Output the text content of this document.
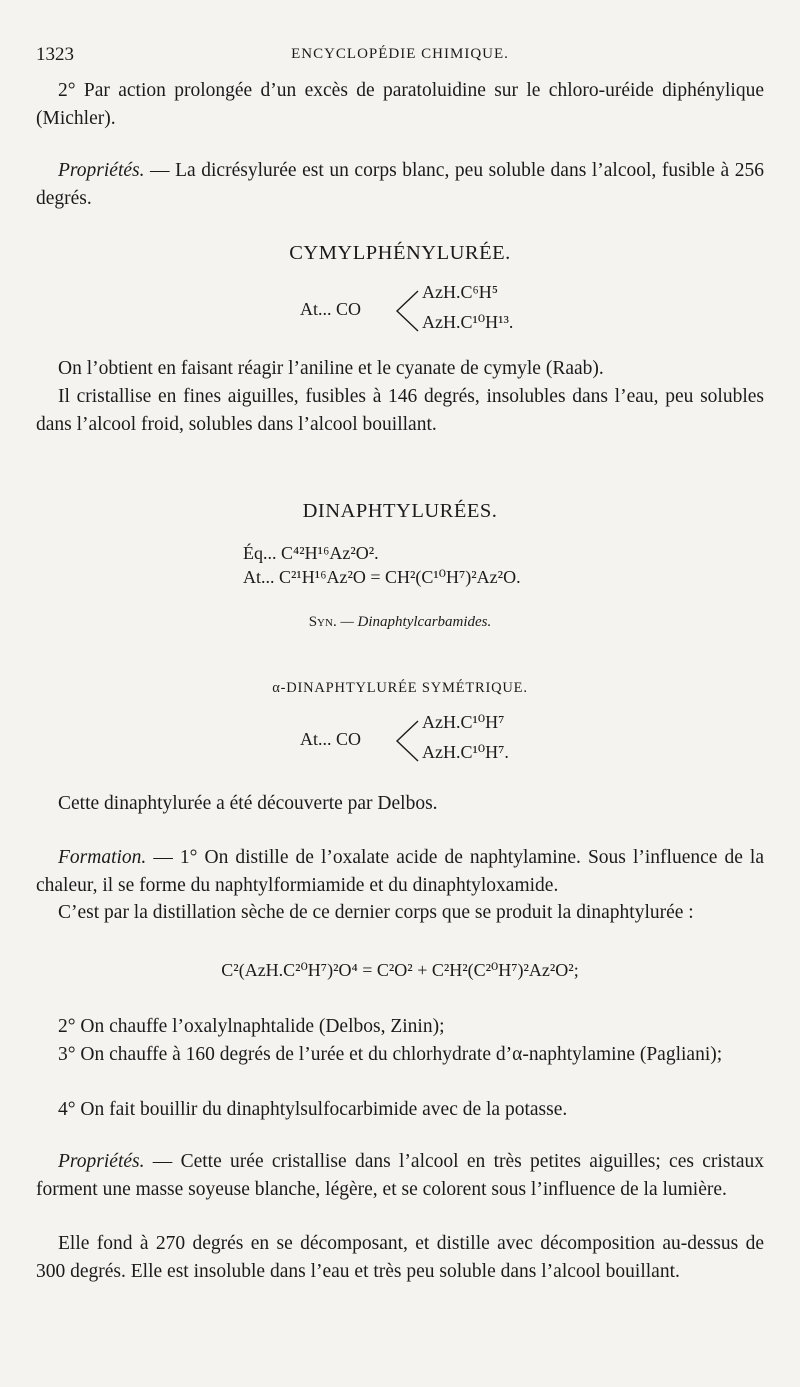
1323	ENCYCLOPÉDIE CHIMIQUE.
2° Par action prolongée d’un excès de paratoluidine sur le chloro-uréide diphénylique (Michler).
Propriétés. — La dicrésylurée est un corps blanc, peu soluble dans l’alcool, fusible à 256 degrés.
CYMYLPHÉNYLURÉE.
At... CO
AzH.C⁶H⁵
AzH.C¹⁰H¹³.
On l’obtient en faisant réagir l’aniline et le cyanate de cymyle (Raab).
Il cristallise en fines aiguilles, fusibles à 146 degrés, insolubles dans l’eau, peu solubles dans l’alcool froid, solubles dans l’alcool bouillant.
DINAPHTYLURÉES.
Éq... C⁴²H¹⁶Az²O².
At... C²¹H¹⁶Az²O = CH²(C¹⁰H⁷)²Az²O.
Syn. — Dinaphtylcarbamides.
α-DINAPHTYLURÉE SYMÉTRIQUE.
At... CO
AzH.C¹⁰H⁷
AzH.C¹⁰H⁷.
Cette dinaphtylurée a été découverte par Delbos.
Formation. — 1° On distille de l’oxalate acide de naphtylamine. Sous l’influence de la chaleur, il se forme du naphtylformiamide et du dinaphtyloxamide.
C’est par la distillation sèche de ce dernier corps que se produit la dinaphtylurée :
C²(AzH.C²⁰H⁷)²O⁴ = C²O² + C²H²(C²⁰H⁷)²Az²O²;
2° On chauffe l’oxalylnaphtalide (Delbos, Zinin);
3° On chauffe à 160 degrés de l’urée et du chlorhydrate d’α-naphtylamine (Pagliani);
4° On fait bouillir du dinaphtylsulfocarbimide avec de la potasse.
Propriétés. — Cette urée cristallise dans l’alcool en très petites aiguilles; ces cristaux forment une masse soyeuse blanche, légère, et se colorent sous l’influence de la lumière.
Elle fond à 270 degrés en se décomposant, et distille avec décomposition au-dessus de 300 degrés. Elle est insoluble dans l’eau et très peu soluble dans l’alcool bouillant.
